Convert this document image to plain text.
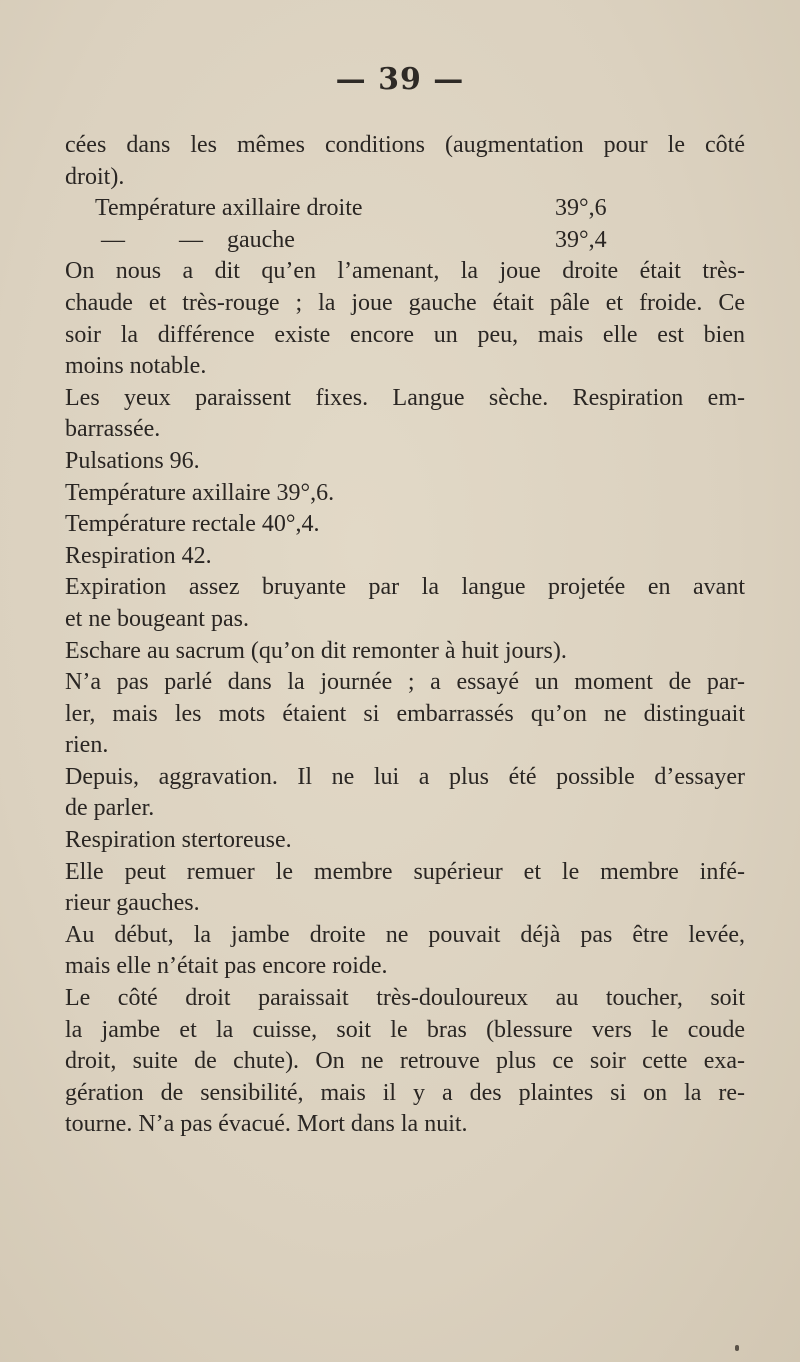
— 39 —
cées dans les mêmes conditions (augmentation pour le côté
droit).
Température axillaire droite	39°,6
— — gauche	39°,4
On nous a dit qu’en l’amenant, la joue droite était très-
chaude et très-rouge ; la joue gauche était pâle et froide. Ce
soir la différence existe encore un peu, mais elle est bien
moins notable.
Les yeux paraissent fixes. Langue sèche. Respiration em-
barrassée.
Pulsations 96.
Température axillaire 39°,6.
Température rectale 40°,4.
Respiration 42.
Expiration assez bruyante par la langue projetée en avant
et ne bougeant pas.
Eschare au sacrum (qu’on dit remonter à huit jours).
N’a pas parlé dans la journée ; a essayé un moment de par-
ler, mais les mots étaient si embarrassés qu’on ne distinguait
rien.
Depuis, aggravation. Il ne lui a plus été possible d’essayer
de parler.
Respiration stertoreuse.
Elle peut remuer le membre supérieur et le membre infé-
rieur gauches.
Au début, la jambe droite ne pouvait déjà pas être levée,
mais elle n’était pas encore roide.
Le côté droit paraissait très-douloureux au toucher, soit
la jambe et la cuisse, soit le bras (blessure vers le coude
droit, suite de chute). On ne retrouve plus ce soir cette exa-
gération de sensibilité, mais il y a des plaintes si on la re-
tourne. N’a pas évacué. Mort dans la nuit.
